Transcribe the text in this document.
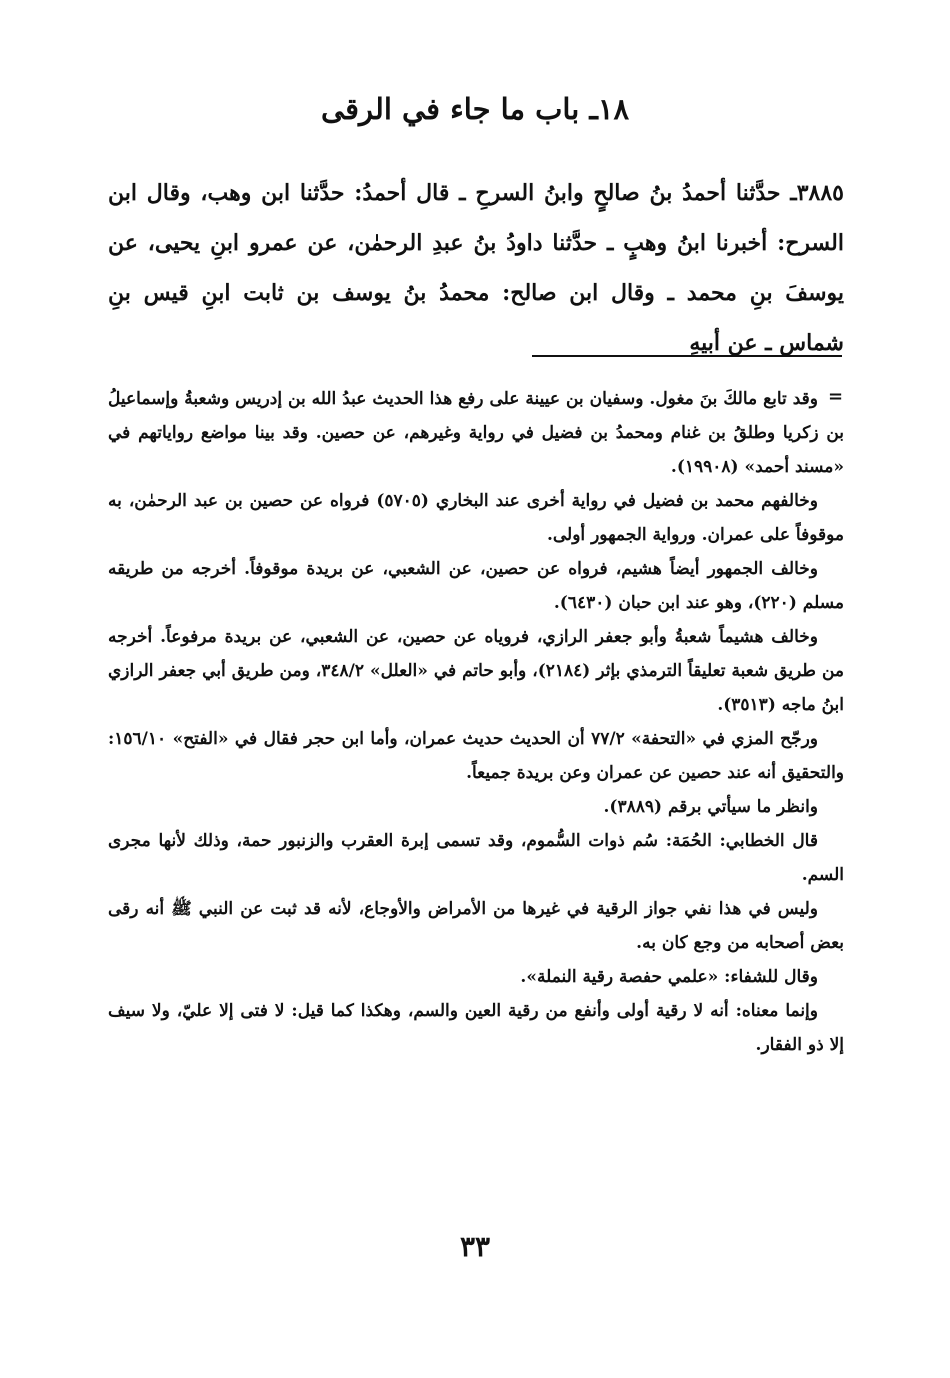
١٨ـ باب ما جاء في الرقى

٣٨٨٥ـ حدَّثنا أحمدُ بنُ صالحٍ وابنُ السرحِ ـ قال أحمدُ: حدَّثنا ابن وهب، وقال ابن السرح: أخبرنا ابنُ وهبٍ ـ حدَّثنا داودُ بنُ عبدِ الرحمٰن، عن عمرو ابنِ يحيى، عن يوسفَ بنِ محمد ـ وقال ابن صالح: محمدُ بنُ يوسف بن ثابت ابنِ قيس بنِ شماس ـ عن أبيهِ

=

وقد تابع مالكَ بنَ مغول. وسفيان بن عيينة على رفع هذا الحديث عبدُ الله بن إدريس وشعبةُ وإسماعيلُ بن زكريا وطلقُ بن غنام ومحمدُ بن فضيل في رواية وغيرهم، عن حصين. وقد بينا مواضع رواياتهم في «مسند أحمد» (١٩٩٠٨).

وخالفهم محمد بن فضيل في رواية أخرى عند البخاري (٥٧٠٥) فرواه عن حصين بن عبد الرحمٰن، به موقوفاً على عمران. ورواية الجمهور أولى.

وخالف الجمهور أيضاً هشيم، فرواه عن حصين، عن الشعبي، عن بريدة موقوفاً. أخرجه من طريقه مسلم (٢٢٠)، وهو عند ابن حبان (٦٤٣٠).

وخالف هشيماً شعبةُ وأبو جعفر الرازي، فروياه عن حصين، عن الشعبي، عن بريدة مرفوعاً. أخرجه من طريق شعبة تعليقاً الترمذي بإثر (٢١٨٤)، وأبو حاتم في «العلل» ٣٤٨/٢، ومن طريق أبي جعفر الرازي ابنُ ماجه (٣٥١٣).

ورجّح المزي في «التحفة» ٧٧/٢ أن الحديث حديث عمران، وأما ابن حجر فقال في «الفتح» ١٥٦/١٠: والتحقيق أنه عند حصين عن عمران وعن بريدة جميعاً.

وانظر ما سيأتي برقم (٣٨٨٩).

قال الخطابي: الحُمَة: سُم ذوات السُّموم، وقد تسمى إبرة العقرب والزنبور حمة، وذلك لأنها مجرى السم.

وليس في هذا نفي جواز الرقية في غيرها من الأمراض والأوجاع، لأنه قد ثبت عن النبي ﷺ أنه رقى بعض أصحابه من وجع كان به.

وقال للشفاء: «علمي حفصة رقية النملة».

وإنما معناه: أنه لا رقية أولى وأنفع من رقية العين والسم، وهكذا كما قيل: لا فتى إلا عليّ، ولا سيف إلا ذو الفقار.

٣٣
